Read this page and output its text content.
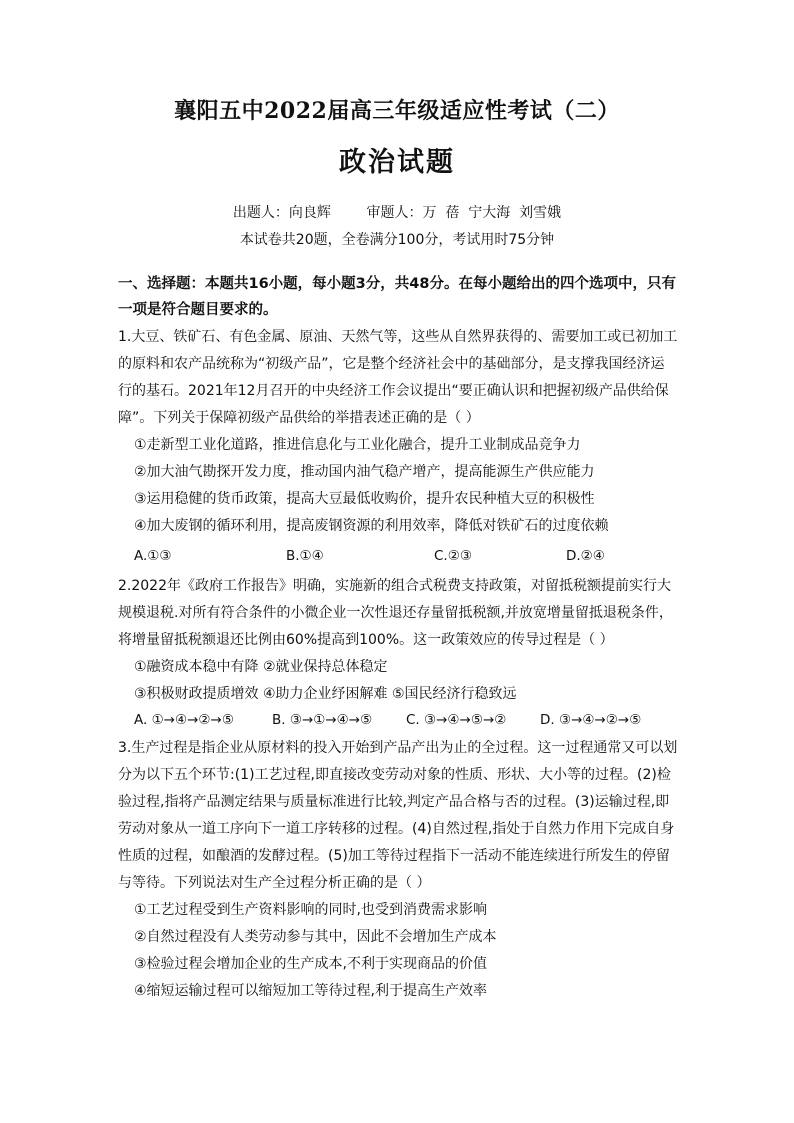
襄阳五中2022届高三年级适应性考试（二）
政治试题
出题人：向良辉        审题人：万  蓓  宁大海  刘雪娥
本试卷共20题，全卷满分100分，考试用时75分钟
一、选择题：本题共16小题，每小题3分，共48分。在每小题给出的四个选项中，只有
一项是符合题目要求的。
1.大豆、铁矿石、有色金属、原油、天然气等，这些从自然界获得的、需要加工或已初加工
的原料和农产品统称为“初级产品”，它是整个经济社会中的基础部分，是支撑我国经济运
行的基石。2021年12月召开的中央经济工作会议提出“要正确认识和把握初级产品供给保
障”。下列关于保障初级产品供给的举措表述正确的是（ ）
①走新型工业化道路，推进信息化与工业化融合，提升工业制成品竞争力
②加大油气勘探开发力度，推动国内油气稳产增产，提高能源生产供应能力
③运用稳健的货币政策，提高大豆最低收购价，提升农民种植大豆的积极性
④加大废钢的循环利用，提高废钢资源的利用效率，降低对铁矿石的过度依赖
A.①③	B.①④	C.②③	D.②④
2.2022年《政府工作报告》明确，实施新的组合式税费支持政策，对留抵税额提前实行大
规模退税.对所有符合条件的小微企业一次性退还存量留抵税额,并放宽增量留抵退税条件，
将增量留抵税额退还比例由60%提高到100%。这一政策效应的传导过程是（ ）
①融资成本稳中有降 ②就业保持总体稳定
③积极财政提质增效 ④助力企业纾困解难 ⑤国民经济行稳致远
A. ①→④→②→⑤	B. ③→①→④→⑤	C. ③→④→⑤→② D. ③→④→②→⑤
3.生产过程是指企业从原材料的投入开始到产品产出为止的全过程。这一过程通常又可以划
分为以下五个环节:(1)工艺过程,即直接改变劳动对象的性质、形状、大小等的过程。(2)检
验过程,指将产品测定结果与质量标准进行比较,判定产品合格与否的过程。(3)运输过程,即
劳动对象从一道工序向下一道工序转移的过程。(4)自然过程,指处于自然力作用下完成自身
性质的过程，如酿酒的发酵过程。(5)加工等待过程指下一活动不能连续进行所发生的停留
与等待。下列说法对生产全过程分析正确的是（ ）
①工艺过程受到生产资料影响的同时,也受到消费需求影响
②自然过程没有人类劳动参与其中，因此不会增加生产成本
③检验过程会增加企业的生产成本,不利于实现商品的价值
④缩短运输过程可以缩短加工等待过程,利于提高生产效率
